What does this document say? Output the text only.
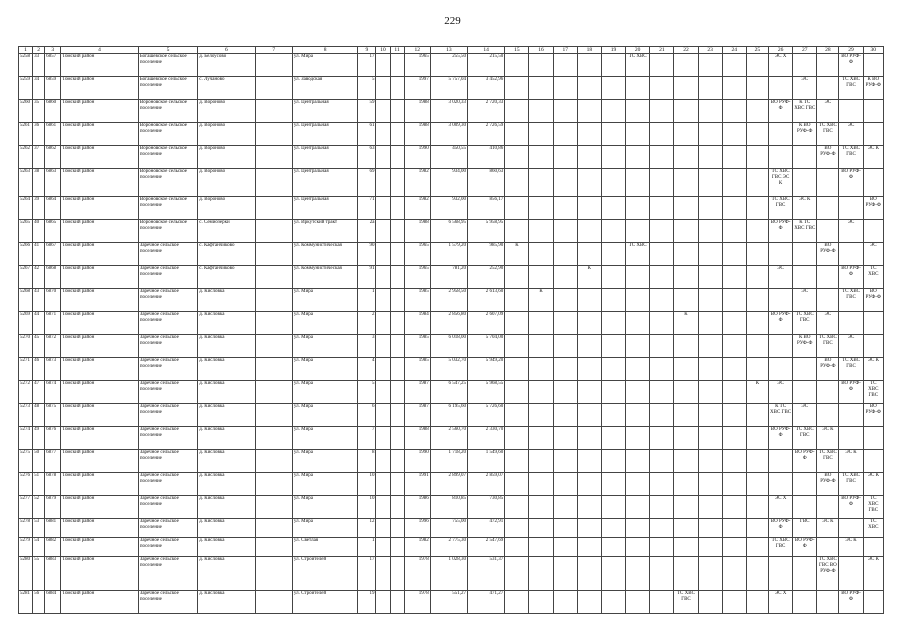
229
1	2	3	4	5	6	7	8	9	10	11	12	13	14	15	16	17	18	19	20	21	22	23	24	25	26	27	28	29	30
5258	33	6857	Томский район	Богашевское сельское поселение	д. Белоусово		ул. Мира	17			1965	255,50	215,50						ТС ХВС						ЭС Х			ВО РУФ-Ф	
5259	34	6859	Томский район	Богашевское сельское поселение	с. Лучаново		ул. Заводская	5			1997	5 757,04	3 452,96													ЭС		ТС ХВС ГВС	К ВО РУФ-Ф
5260	35	6860	Томский район	Вороновское сельское поселение	д. Вороново		ул. Центральная	59			1988	3 020,33	2 720,33												ВО РУФ-Ф	К ТС ХВС ГВС	ЭС		
5261	36	6861	Томский район	Вороновское сельское поселение	д. Вороново		ул. Центральная	61			1988	3 009,30	2 726,59													К ВО РУФ-Ф	ТС ХВС ГВС	ЭС	
5262	37	6862	Томский район	Вороновское сельское поселение	д. Вороново		ул. Центральная	63			1990	450,55	410,86														ВО РУФ-Ф	ТС ХВС ГВС	ЭС К
5263	38	6863	Томский район	Вороновское сельское поселение	д. Вороново		ул. Центральная	69			1982	934,00	860,63												ТС ХВС ГВС ЭС К			ВО РУФ-Ф	
5264	39	6864	Томский район	Вороновское сельское поселение	д. Вороново		ул. Центральная	71			1982	932,00	856,17												ТС ХВС ГВС	ЭС К			ВО РУФ-Ф
5265	40	6865	Томский район	Вороновское сельское поселение	с. Семиозерки		ул. Иркутский тракт	2а			1988	6 568,95	5 958,95												ВО РУФ-Ф	К ТС ХВС ГВС		ЭС	
5266	41	6867	Томский район	Заречное сельское поселение	с. Кафтанчиково		ул. Коммунистическая	90			1965	1 579,20	985,90	К					ТС ХВС								ВО РУФ-Ф		ЭС
5267	42	6868	Томский район	Заречное сельское поселение	с. Кафтанчиково		ул. Коммунистическая	91			1965	781,20	252,90				К								ЭС			ВО РУФ-Ф	ТС ХВС
5268	43	6870	Томский район	Заречное сельское поселение	д. Кисловка		ул. Мира	1			1985	2 958,50	2 613,60		К											ЭС		ТС ХВС ГВС	ВО РУФ-Ф
5269	44	6871	Томский район	Заречное сельское поселение	д. Кисловка		ул. Мира	2			1984	2 856,80	2 607,09								К				ВО РУФ-Ф	ТС ХВС ГВС	ЭС		
5270	45	6872	Томский район	Заречное сельское поселение	д. Кисловка		ул. Мира	3			1985	6 018,00	5 704,00													К ВО РУФ-Ф	ТС ХВС ГВС	ЭС	
5271	46	6873	Томский район	Заречное сельское поселение	д. Кисловка		ул. Мира	4			1985	5 032,70	5 949,20														ВО РУФ-Ф	ТС ХВС ГВС	ЭС К
5272	47	6874	Томский район	Заречное сельское поселение	д. Кисловка		ул. Мира	5			1987	6 547,25	5 968,55											К	ЭС			ВО РУФ-Ф	ТС ХВС ГВС
5273	48	6875	Томский район	Заречное сельское поселение	д. Кисловка		ул. Мира	6			1987	6 195,60	5 726,60												К ТС ХВС ГВС	ЭС			ВО РУФ-Ф
5274	49	6876	Томский район	Заречное сельское поселение	д. Кисловка		ул. Мира	7			1988	2 560,70	2 330,70												ВО РУФ-Ф	ТС ХВС ГВС	ЭС К		
5275	50	6877	Томский район	Заречное сельское поселение	д. Кисловка		ул. Мира	8			1990	1 718,20	1 549,60													ВО РУФ-Ф	ТС ХВС ГВС	ЭС К	
5276	51	6878	Томский район	Заречное сельское поселение	д. Кисловка		ул. Мира	10			1991	2 899,07	2 859,07														ВО РУФ-Ф	ТС ХВС ГВС	ЭС К
5277	52	6879	Томский район	Заречное сельское поселение	д. Кисловка		ул. Мира	10			1986	810,85	730,85												ЭС Х			ВО РУФ-Ф	ТС ХВС ГВС
5278	53	6881	Томский район	Заречное сельское поселение	д. Кисловка		ул. Мира	12			1996	755,00	472,91												ВО РУФ-Ф	ГВС	ЭС К		ТС ХВС
5279	54	6882	Томский район	Заречное сельское поселение	д. Кисловка		ул. Светлая	1			1982	2 775,30	2 547,69												ТС ХВС ГВС	ВО РУФ-Ф		ЭС К	
5280	55	6883	Томский район	Заречное сельское поселение	д. Кисловка		ул. Строителей	17			1978	1 028,30	531,37														ТС ХВС ГВС ВО РУФ-Ф		ЭС К
5281	56	6884	Томский район	Заречное сельское поселение	д. Кисловка		ул. Строителей	19			1978	551,27	471,27								ТС ХВС ГВС				ЭС Х			ВО РУФ-Ф	
